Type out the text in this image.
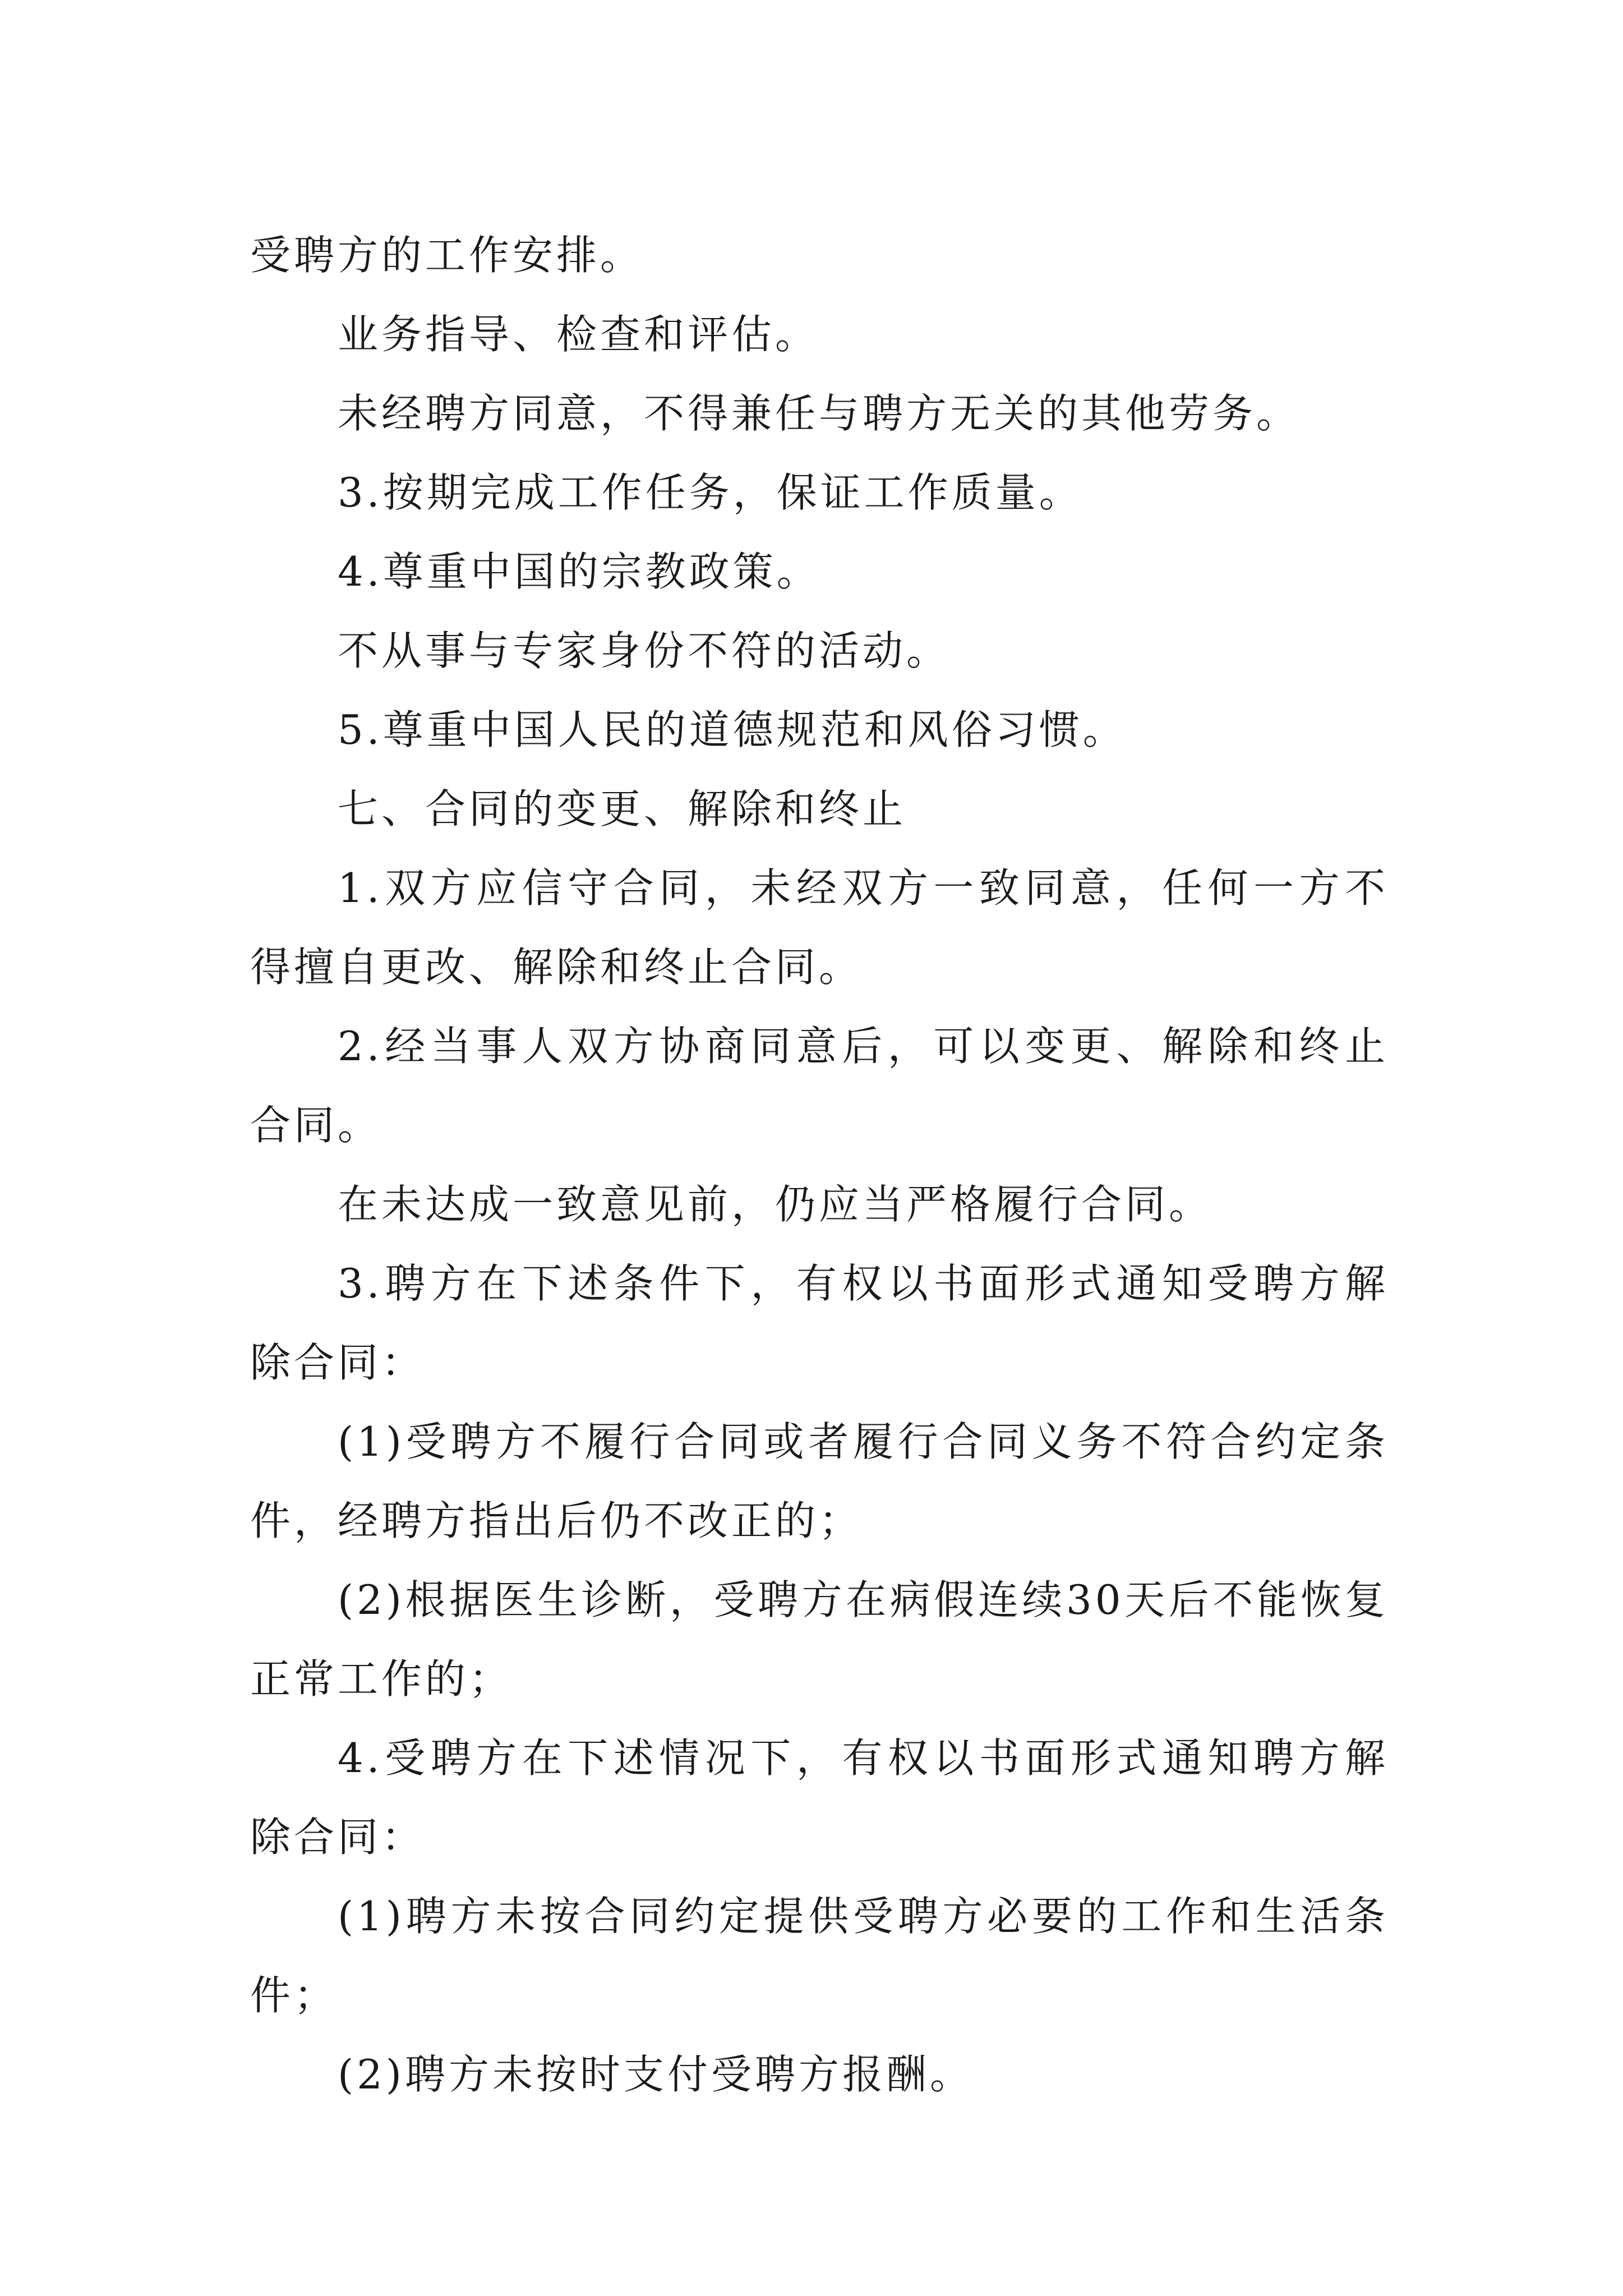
受聘方的工作安排。

业务指导、检查和评估。

未经聘方同意，不得兼任与聘方无关的其他劳务。

3.按期完成工作任务，保证工作质量。

4.尊重中国的宗教政策。

不从事与专家身份不符的活动。

5.尊重中国人民的道德规范和风俗习惯。

七、合同的变更、解除和终止

1.双方应信守合同，未经双方一致同意，任何一方不得擅自更改、解除和终止合同。

2.经当事人双方协商同意后，可以变更、解除和终止合同。

在未达成一致意见前，仍应当严格履行合同。

3.聘方在下述条件下，有权以书面形式通知受聘方解除合同：

(1)受聘方不履行合同或者履行合同义务不符合约定条件，经聘方指出后仍不改正的；

(2)根据医生诊断，受聘方在病假连续30天后不能恢复正常工作的；

4.受聘方在下述情况下，有权以书面形式通知聘方解除合同：

(1)聘方未按合同约定提供受聘方必要的工作和生活条件；

(2)聘方未按时支付受聘方报酬。
